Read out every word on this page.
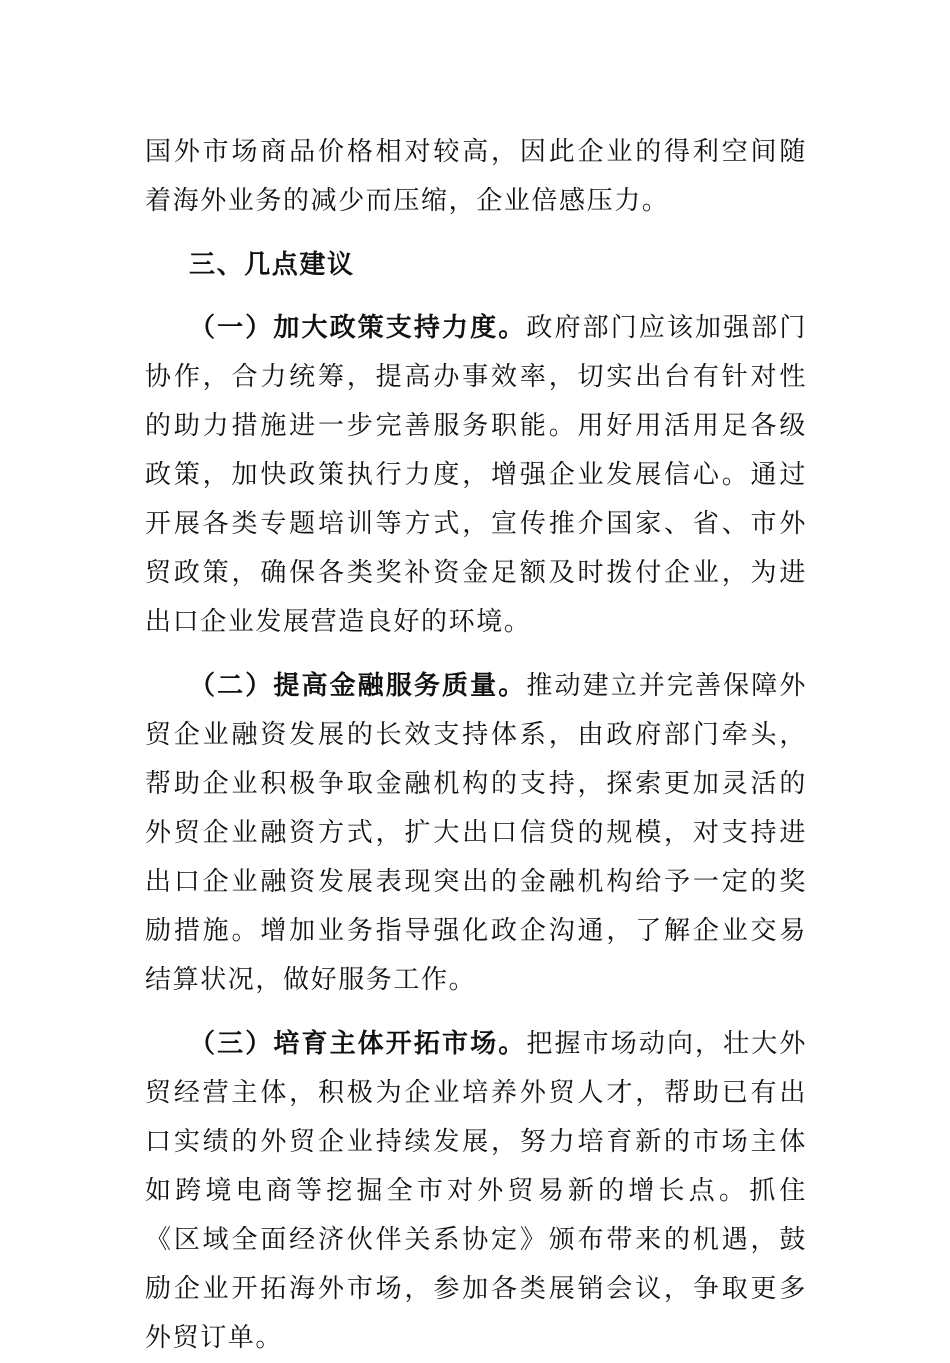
国外市场商品价格相对较高，因此企业的得利空间随着海外业务的减少而压缩，企业倍感压力。

三、几点建议

（一）加大政策支持力度。政府部门应该加强部门协作，合力统筹，提高办事效率，切实出台有针对性的助力措施进一步完善服务职能。用好用活用足各级政策，加快政策执行力度，增强企业发展信心。通过开展各类专题培训等方式，宣传推介国家、省、市外贸政策，确保各类奖补资金足额及时拨付企业，为进出口企业发展营造良好的环境。

（二）提高金融服务质量。推动建立并完善保障外贸企业融资发展的长效支持体系，由政府部门牵头，帮助企业积极争取金融机构的支持，探索更加灵活的外贸企业融资方式，扩大出口信贷的规模，对支持进出口企业融资发展表现突出的金融机构给予一定的奖励措施。增加业务指导强化政企沟通，了解企业交易结算状况，做好服务工作。

（三）培育主体开拓市场。把握市场动向，壮大外贸经营主体，积极为企业培养外贸人才，帮助已有出口实绩的外贸企业持续发展，努力培育新的市场主体如跨境电商等挖掘全市对外贸易新的增长点。抓住《区域全面经济伙伴关系协定》颁布带来的机遇，鼓励企业开拓海外市场，参加各类展销会议，争取更多外贸订单。
